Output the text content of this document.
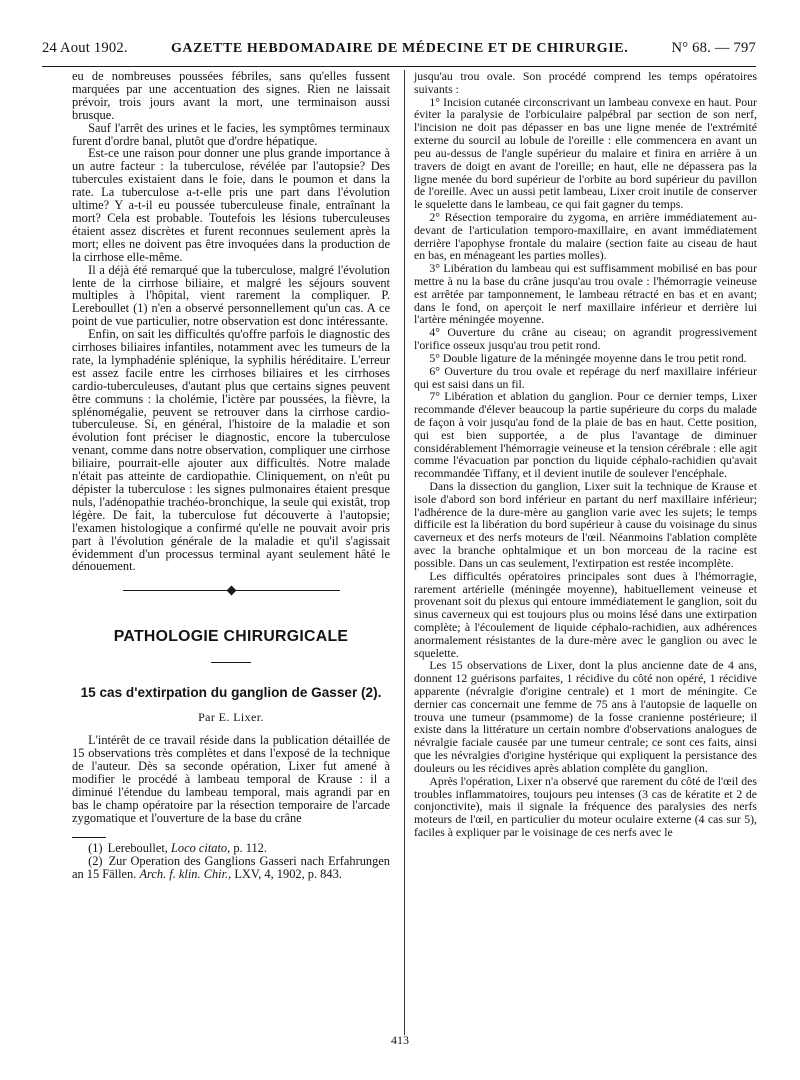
24 Aout 1902.	GAZETTE HEBDOMADAIRE DE MÉDECINE ET DE CHIRURGIE.	N° 68. — 797

eu de nombreuses poussées fébriles, sans qu'elles fussent marquées par une accentuation des signes. Rien ne laissait prévoir, trois jours avant la mort, une terminaison aussi brusque.

Sauf l'arrêt des urines et le facies, les symptômes terminaux furent d'ordre banal, plutôt que d'ordre hépatique.

Est-ce une raison pour donner une plus grande importance à un autre facteur : la tuberculose, révélée par l'autopsie? Des tubercules existaient dans le foie, dans le poumon et dans la rate. La tuberculose a-t-elle pris une part dans l'évolution ultime? Y a-t-il eu poussée tuberculeuse finale, entraînant la mort? Cela est probable. Toutefois les lésions tuberculeuses étaient assez discrètes et furent reconnues seulement après la mort; elles ne doivent pas être invoquées dans la production de la cirrhose elle-même.

Il a déjà été remarqué que la tuberculose, malgré l'évolution lente de la cirrhose biliaire, et malgré les séjours souvent multiples à l'hôpital, vient rarement la compliquer. P. Lereboullet (1) n'en a observé personnellement qu'un cas. A ce point de vue particulier, notre observation est donc intéressante.

Enfin, on sait les difficultés qu'offre parfois le diagnostic des cirrhoses biliaires infantiles, notamment avec les tumeurs de la rate, la lymphadénie splénique, la syphilis héréditaire. L'erreur est assez facile entre les cirrhoses biliaires et les cirrhoses cardio-tuberculeuses, d'autant plus que certains signes peuvent être communs : la cholémie, l'ictère par poussées, la fièvre, la splénomégalie, peuvent se retrouver dans la cirrhose cardio-tuberculeuse. Si, en général, l'histoire de la maladie et son évolution font préciser le diagnostic, encore la tuberculose venant, comme dans notre observation, compliquer une cirrhose biliaire, pourrait-elle ajouter aux difficultés. Notre malade n'était pas atteinte de cardiopathie. Cliniquement, on n'eût pu dépister la tuberculose : les signes pulmonaires étaient presque nuls, l'adénopathie trachéo-bronchique, la seule qui existât, trop légère. De fait, la tuberculose fut découverte à l'autopsie; l'examen histologique a confirmé qu'elle ne pouvait avoir pris part à l'évolution générale de la maladie et qu'il s'agissait évidemment d'un processus terminal ayant seulement hâté le dénouement.

PATHOLOGIE CHIRURGICALE
15 cas d'extirpation du ganglion de Gasser (2).
Par E. Lixer.

L'intérêt de ce travail réside dans la publication détaillée de 15 observations très complètes et dans l'exposé de la technique de l'auteur. Dès sa seconde opération, Lixer fut amené à modifier le procédé à lambeau temporal de Krause : il a diminué l'étendue du lambeau temporal, mais agrandi par en bas le champ opératoire par la résection temporaire de l'arcade zygomatique et l'ouverture de la base du crâne

(1) Lereboullet, Loco citato, p. 112.

(2) Zur Operation des Ganglions Gasseri nach Erfahrungen an 15 Fällen. Arch. f. klin. Chir., LXV, 4, 1902, p. 843.

jusqu'au trou ovale. Son procédé comprend les temps opératoires suivants :

1° Incision cutanée circonscrivant un lambeau convexe en haut. Pour éviter la paralysie de l'orbiculaire palpébral par section de son nerf, l'incision ne doit pas dépasser en bas une ligne menée de l'extrémité externe du sourcil au lobule de l'oreille : elle commencera en avant un peu au-dessus de l'angle supérieur du malaire et finira en arrière à un travers de doigt en avant de l'oreille; en haut, elle ne dépassera pas la ligne menée du bord supérieur de l'orbite au bord supérieur du pavillon de l'oreille. Avec un aussi petit lambeau, Lixer croit inutile de conserver le squelette dans le lambeau, ce qui fait gagner du temps.

2° Résection temporaire du zygoma, en arrière immédiatement au-devant de l'articulation temporo-maxillaire, en avant immédiatement derrière l'apophyse frontale du malaire (section faite au ciseau de haut en bas, en ménageant les parties molles).

3° Libération du lambeau qui est suffisamment mobilisé en bas pour mettre à nu la base du crâne jusqu'au trou ovale : l'hémorragie veineuse est arrêtée par tamponnement, le lambeau rétracté en bas et en avant; dans le fond, on aperçoit le nerf maxillaire inférieur et derrière lui l'artère méningée moyenne.

4° Ouverture du crâne au ciseau; on agrandit progressivement l'orifice osseux jusqu'au trou petit rond.

5° Double ligature de la méningée moyenne dans le trou petit rond.

6° Ouverture du trou ovale et repérage du nerf maxillaire inférieur qui est saisi dans un fil.

7° Libération et ablation du ganglion. Pour ce dernier temps, Lixer recommande d'élever beaucoup la partie supérieure du corps du malade de façon à voir jusqu'au fond de la plaie de bas en haut. Cette position, qui est bien supportée, a de plus l'avantage de diminuer considérablement l'hémorragie veineuse et la tension cérébrale : elle agit comme l'évacuation par ponction du liquide céphalo-rachidien qu'avait recommandée Tiffany, et il devient inutile de soulever l'encéphale.

Dans la dissection du ganglion, Lixer suit la technique de Krause et isole d'abord son bord inférieur en partant du nerf maxillaire inférieur; l'adhérence de la dure-mère au ganglion varie avec les sujets; le temps difficile est la libération du bord supérieur à cause du voisinage du sinus caverneux et des nerfs moteurs de l'œil. Néanmoins l'ablation complète avec la branche ophtalmique et un bon morceau de la racine est possible. Dans un cas seulement, l'extirpation est restée incomplète.

Les difficultés opératoires principales sont dues à l'hémorragie, rarement artérielle (méningée moyenne), habituellement veineuse et provenant soit du plexus qui entoure immédiatement le ganglion, soit du sinus caverneux qui est toujours plus ou moins lésé dans une extirpation complète; à l'écoulement de liquide céphalo-rachidien, aux adhérences anormalement résistantes de la dure-mère avec le ganglion ou avec le squelette.

Les 15 observations de Lixer, dont la plus ancienne date de 4 ans, donnent 12 guérisons parfaites, 1 récidive du côté non opéré, 1 récidive apparente (névralgie d'origine centrale) et 1 mort de méningite. Ce dernier cas concernait une femme de 75 ans à l'autopsie de laquelle on trouva une tumeur (psammome) de la fosse cranienne postérieure; il existe dans la littérature un certain nombre d'observations analogues de névralgie faciale causée par une tumeur centrale; ce sont ces faits, ainsi que les névralgies d'origine hystérique qui expliquent la persistance des douleurs ou les récidives après ablation complète du ganglion.

Après l'opération, Lixer n'a observé que rarement du côté de l'œil des troubles inflammatoires, toujours peu intenses (3 cas de kératite et 2 de conjonctivite), mais il signale la fréquence des paralysies des nerfs moteurs de l'œil, en particulier du moteur oculaire externe (4 cas sur 5), faciles à expliquer par le voisinage de ces nerfs avec le

413
